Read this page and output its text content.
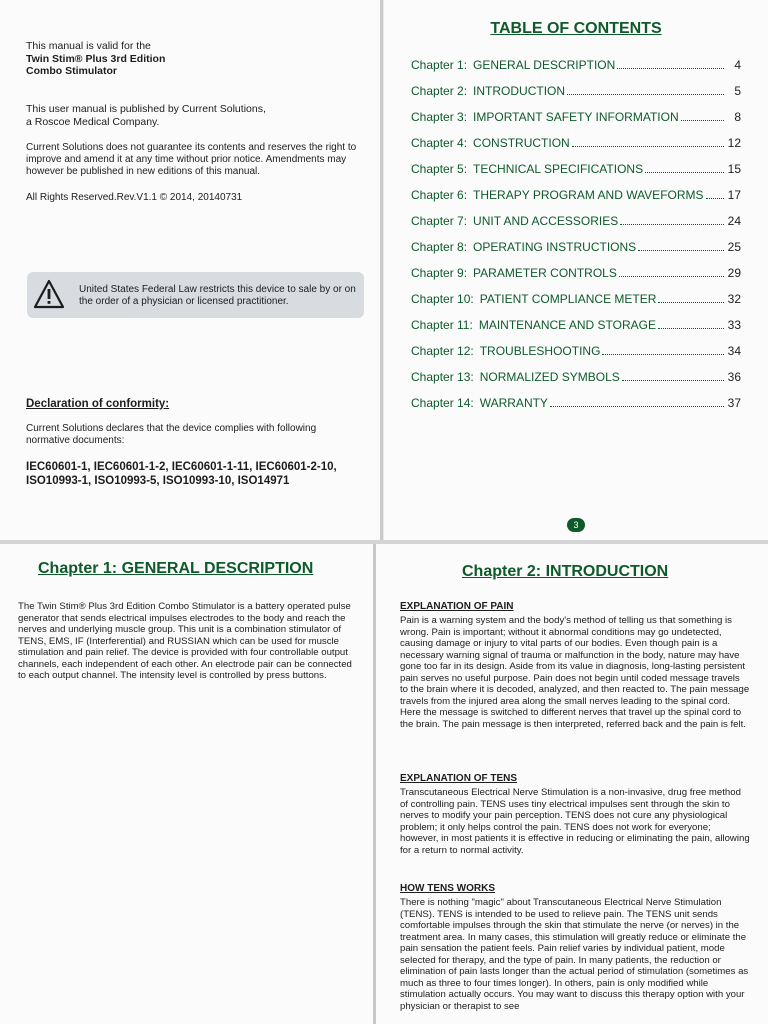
This manual is valid for the
Twin Stim® Plus 3rd Edition
Combo Stimulator
This user manual is published by Current Solutions,
a Roscoe Medical Company.
Current Solutions does not guarantee its contents and reserves the right to improve and amend it at any time without prior notice. Amendments may however be published in new editions of this manual.
All Rights Reserved.Rev.V1.1 © 2014, 20140731
United States Federal Law restricts this device to sale by or on the order of a physician or licensed practitioner.
Declaration of conformity:
Current Solutions declares that the device complies with following normative documents:
IEC60601-1, IEC60601-1-2, IEC60601-1-11, IEC60601-2-10, ISO10993-1, ISO10993-5, ISO10993-10, ISO14971
TABLE OF CONTENTS
Chapter 1: GENERAL DESCRIPTION	4
Chapter 2: INTRODUCTION	5
Chapter 3: IMPORTANT SAFETY INFORMATION	8
Chapter 4: CONSTRUCTION	12
Chapter 5: TECHNICAL SPECIFICATIONS	15
Chapter 6: THERAPY PROGRAM AND WAVEFORMS 17
Chapter 7: UNIT AND ACCESSORIES	24
Chapter 8: OPERATING INSTRUCTIONS	25
Chapter 9: PARAMETER CONTROLS	29
Chapter 10: PATIENT COMPLIANCE METER	32
Chapter 11: MAINTENANCE AND STORAGE	33
Chapter 12: TROUBLESHOOTING	34
Chapter 13: NORMALIZED SYMBOLS	36
Chapter 14: WARRANTY	37
3
Chapter 1: GENERAL DESCRIPTION
The Twin Stim® Plus 3rd Edition Combo Stimulator is a battery operated pulse generator that sends electrical impulses electrodes to the body and reach the nerves and underlying muscle group. This unit is a combination stimulator of TENS, EMS, IF (Interferential) and RUSSIAN which can be used for muscle stimulation and pain relief. The device is provided with four controllable output channels, each independent of each other. An electrode pair can be connected to each output channel. The intensity level is controlled by press buttons.
Chapter 2: INTRODUCTION
EXPLANATION OF PAIN
Pain is a warning system and the body's method of telling us that something is wrong. Pain is important; without it abnormal conditions may go undetected, causing damage or injury to vital parts of our bodies. Even though pain is a necessary warning signal of trauma or malfunction in the body, nature may have gone too far in its design. Aside from its value in diagnosis, long-lasting persistent pain serves no useful purpose. Pain does not begin until coded message travels to the brain where it is decoded, analyzed, and then reacted to. The pain message travels from the injured area along the small nerves leading to the spinal cord. Here the message is switched to different nerves that travel up the spinal cord to the brain. The pain message is then interpreted, referred back and the pain is felt.
EXPLANATION OF TENS
Transcutaneous Electrical Nerve Stimulation is a non-invasive, drug free method of controlling pain. TENS uses tiny electrical impulses sent through the skin to nerves to modify your pain perception. TENS does not cure any physiological problem; it only helps control the pain. TENS does not work for everyone; however, in most patients it is effective in reducing or eliminating the pain, allowing for a return to normal activity.
HOW TENS WORKS
There is nothing "magic" about Transcutaneous Electrical Nerve Stimulation (TENS). TENS is intended to be used to relieve pain. The TENS unit sends comfortable impulses through the skin that stimulate the nerve (or nerves) in the treatment area. In many cases, this stimulation will greatly reduce or eliminate the pain sensation the patient feels. Pain relief varies by individual patient, mode selected for therapy, and the type of pain. In many patients, the reduction or elimination of pain lasts longer than the actual period of stimulation (sometimes as much as three to four times longer). In others, pain is only modified while stimulation actually occurs. You may want to discuss this therapy option with your physician or therapist to see
